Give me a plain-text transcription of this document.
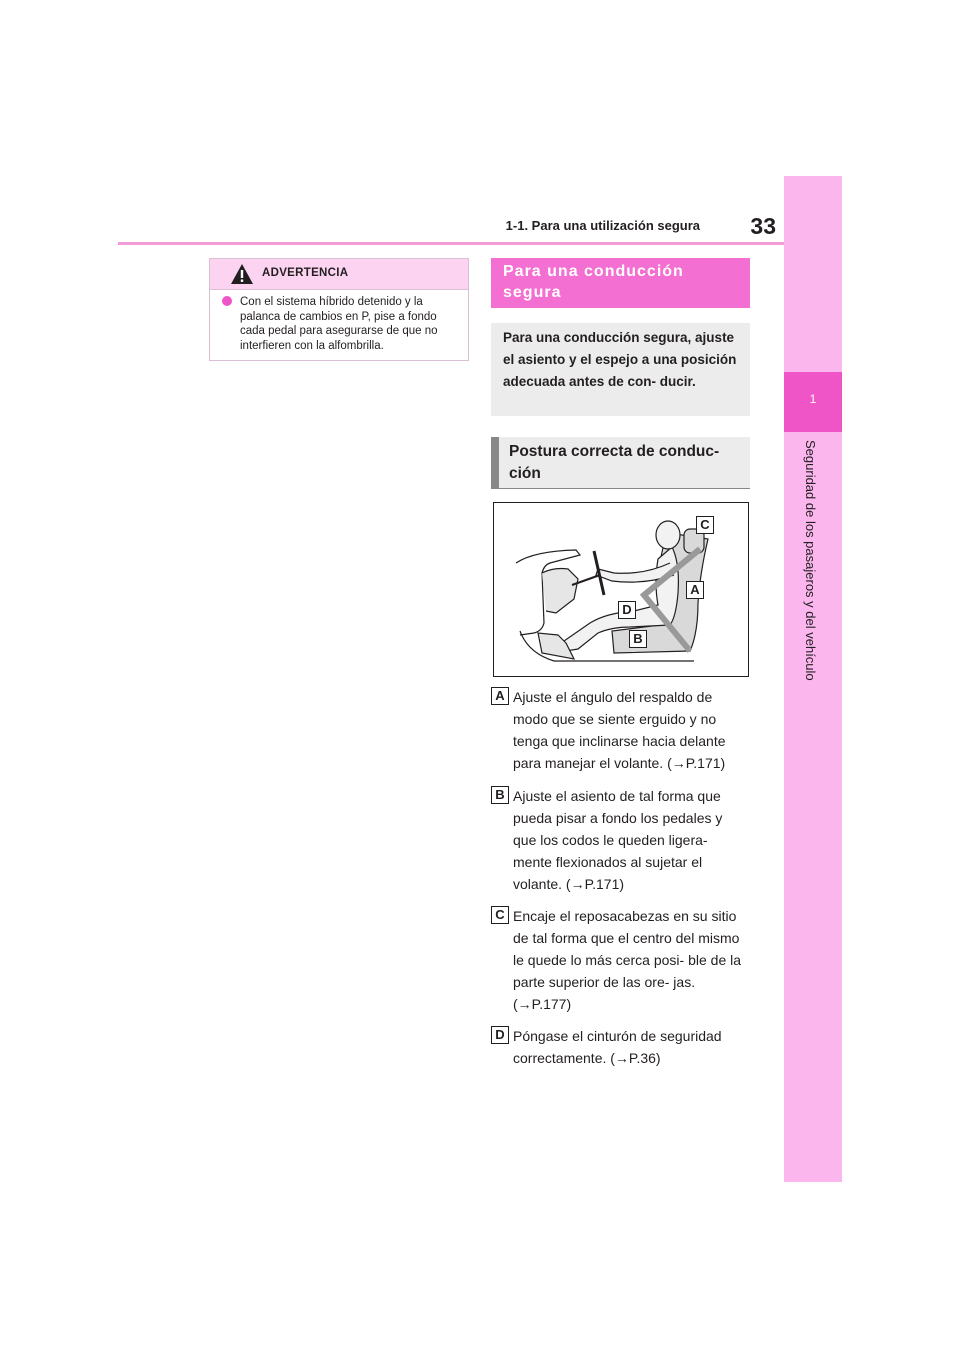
33
1-1. Para una utilización segura
1
Seguridad de los pasajeros y del vehículo
ADVERTENCIA
Con el sistema híbrido detenido y la palanca de cambios en P, pise a fondo cada pedal para asegurarse de que no interfieren con la alfombrilla.
Para una conducción segura
Para una conducción segura, ajuste el asiento y el espejo a una posición adecuada antes de con- ducir.
Postura correcta de conduc- ción
C
A
D
B
A Ajuste el ángulo del respaldo de modo que se siente erguido y no tenga que inclinarse hacia delante para manejar el volante. (→P.171)
B Ajuste el asiento de tal forma que pueda pisar a fondo los pedales y que los codos le queden ligera- mente flexionados al sujetar el volante. (→P.171)
C Encaje el reposacabezas en su sitio de tal forma que el centro del mismo le quede lo más cerca posi- ble de la parte superior de las ore- jas. (→P.177)
D Póngase el cinturón de seguridad correctamente. (→P.36)
